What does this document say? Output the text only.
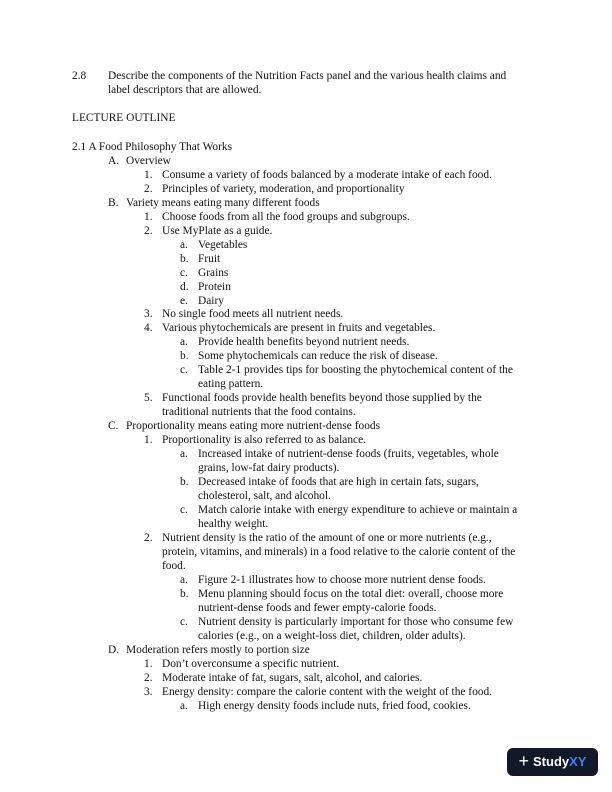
2.8 Describe the components of the Nutrition Facts panel and the various health claims and
label descriptors that are allowed.
LECTURE OUTLINE
2.1 A Food Philosophy That Works
A. Overview
1. Consume a variety of foods balanced by a moderate intake of each food.
2. Principles of variety, moderation, and proportionality
B. Variety means eating many different foods
1. Choose foods from all the food groups and subgroups.
2. Use MyPlate as a guide.
a. Vegetables
b. Fruit
c. Grains
d. Protein
e. Dairy
3. No single food meets all nutrient needs.
4. Various phytochemicals are present in fruits and vegetables.
a. Provide health benefits beyond nutrient needs.
b. Some phytochemicals can reduce the risk of disease.
c. Table 2-1 provides tips for boosting the phytochemical content of the
eating pattern.
5. Functional foods provide health benefits beyond those supplied by the
traditional nutrients that the food contains.
C. Proportionality means eating more nutrient-dense foods
1. Proportionality is also referred to as balance.
a. Increased intake of nutrient-dense foods (fruits, vegetables, whole
grains, low-fat dairy products).
b. Decreased intake of foods that are high in certain fats, sugars,
cholesterol, salt, and alcohol.
c. Match calorie intake with energy expenditure to achieve or maintain a
healthy weight.
2. Nutrient density is the ratio of the amount of one or more nutrients (e.g.,
protein, vitamins, and minerals) in a food relative to the calorie content of the
food.
a. Figure 2-1 illustrates how to choose more nutrient dense foods.
b. Menu planning should focus on the total diet: overall, choose more
nutrient-dense foods and fewer empty-calorie foods.
c. Nutrient density is particularly important for those who consume few
calories (e.g., on a weight-loss diet, children, older adults).
D. Moderation refers mostly to portion size
1. Don’t overconsume a specific nutrient.
2. Moderate intake of fat, sugars, salt, alcohol, and calories.
3. Energy density: compare the calorie content with the weight of the food.
a. High energy density foods include nuts, fried food, cookies.
+ StudyXY
